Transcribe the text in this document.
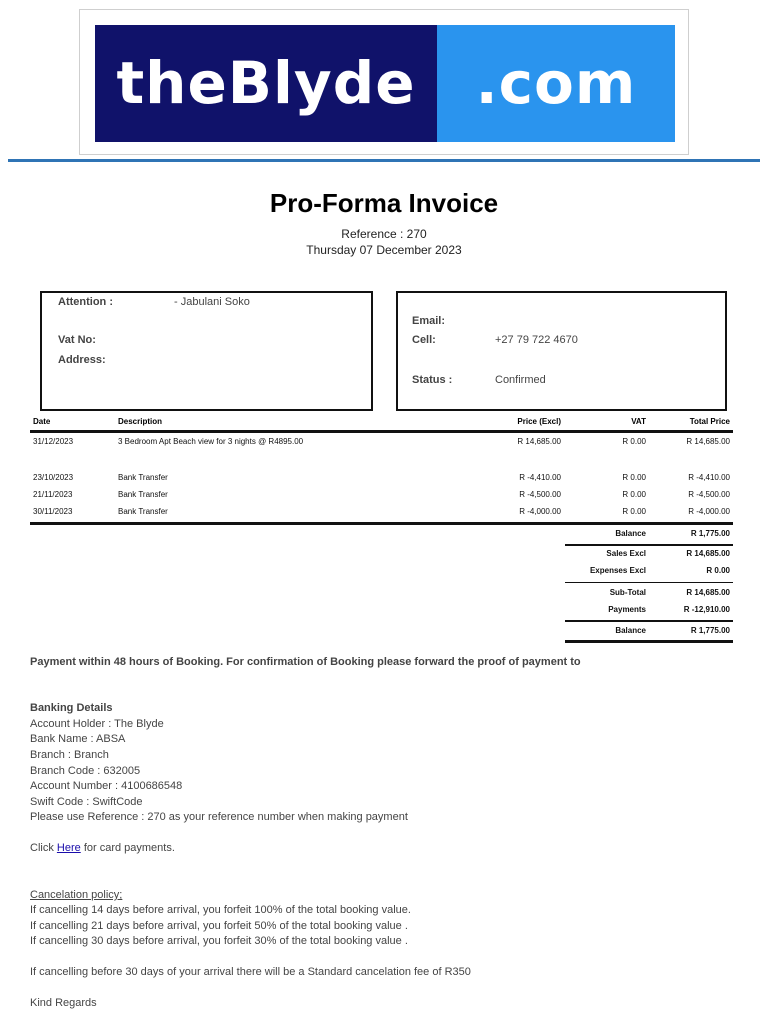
theBlyde	.com
Pro-Forma Invoice
Reference : 270
Thursday 07 December 2023
Attention :	- Jabulani Soko
Vat No:
Address:
Email:
Cell:	+27 79 722 4670
Status :	Confirmed
Date	Description	Price (Excl)	VAT	Total Price
31/12/2023	3 Bedroom Apt Beach view for 3 nights @ R4895.00	R 14,685.00	R 0.00	R 14,685.00
23/10/2023	Bank Transfer	R -4,410.00	R 0.00	R -4,410.00
21/11/2023	Bank Transfer	R -4,500.00	R 0.00	R -4,500.00
30/11/2023	Bank Transfer	R -4,000.00	R 0.00	R -4,000.00
Balance	R 1,775.00
Sales Excl	R 14,685.00
Expenses Excl	R 0.00
Sub-Total	R 14,685.00
Payments	R -12,910.00
Balance	R 1,775.00
Payment within 48 hours of Booking. For confirmation of Booking please forward the proof of payment to
Banking Details
Account Holder : The Blyde
Bank Name : ABSA
Branch : Branch
Branch Code : 632005
Account Number : 4100686548
Swift Code : SwiftCode
Please use Reference : 270 as your reference number when making payment
Click Here for card payments.
Cancelation policy;
If cancelling 14 days before arrival, you forfeit 100% of the total booking value.
If cancelling 21 days before arrival, you forfeit 50% of the total booking value .
If cancelling 30 days before arrival, you forfeit 30% of the total booking value .
If cancelling before 30 days of your arrival there will be a Standard cancelation fee of R350
Kind Regards
